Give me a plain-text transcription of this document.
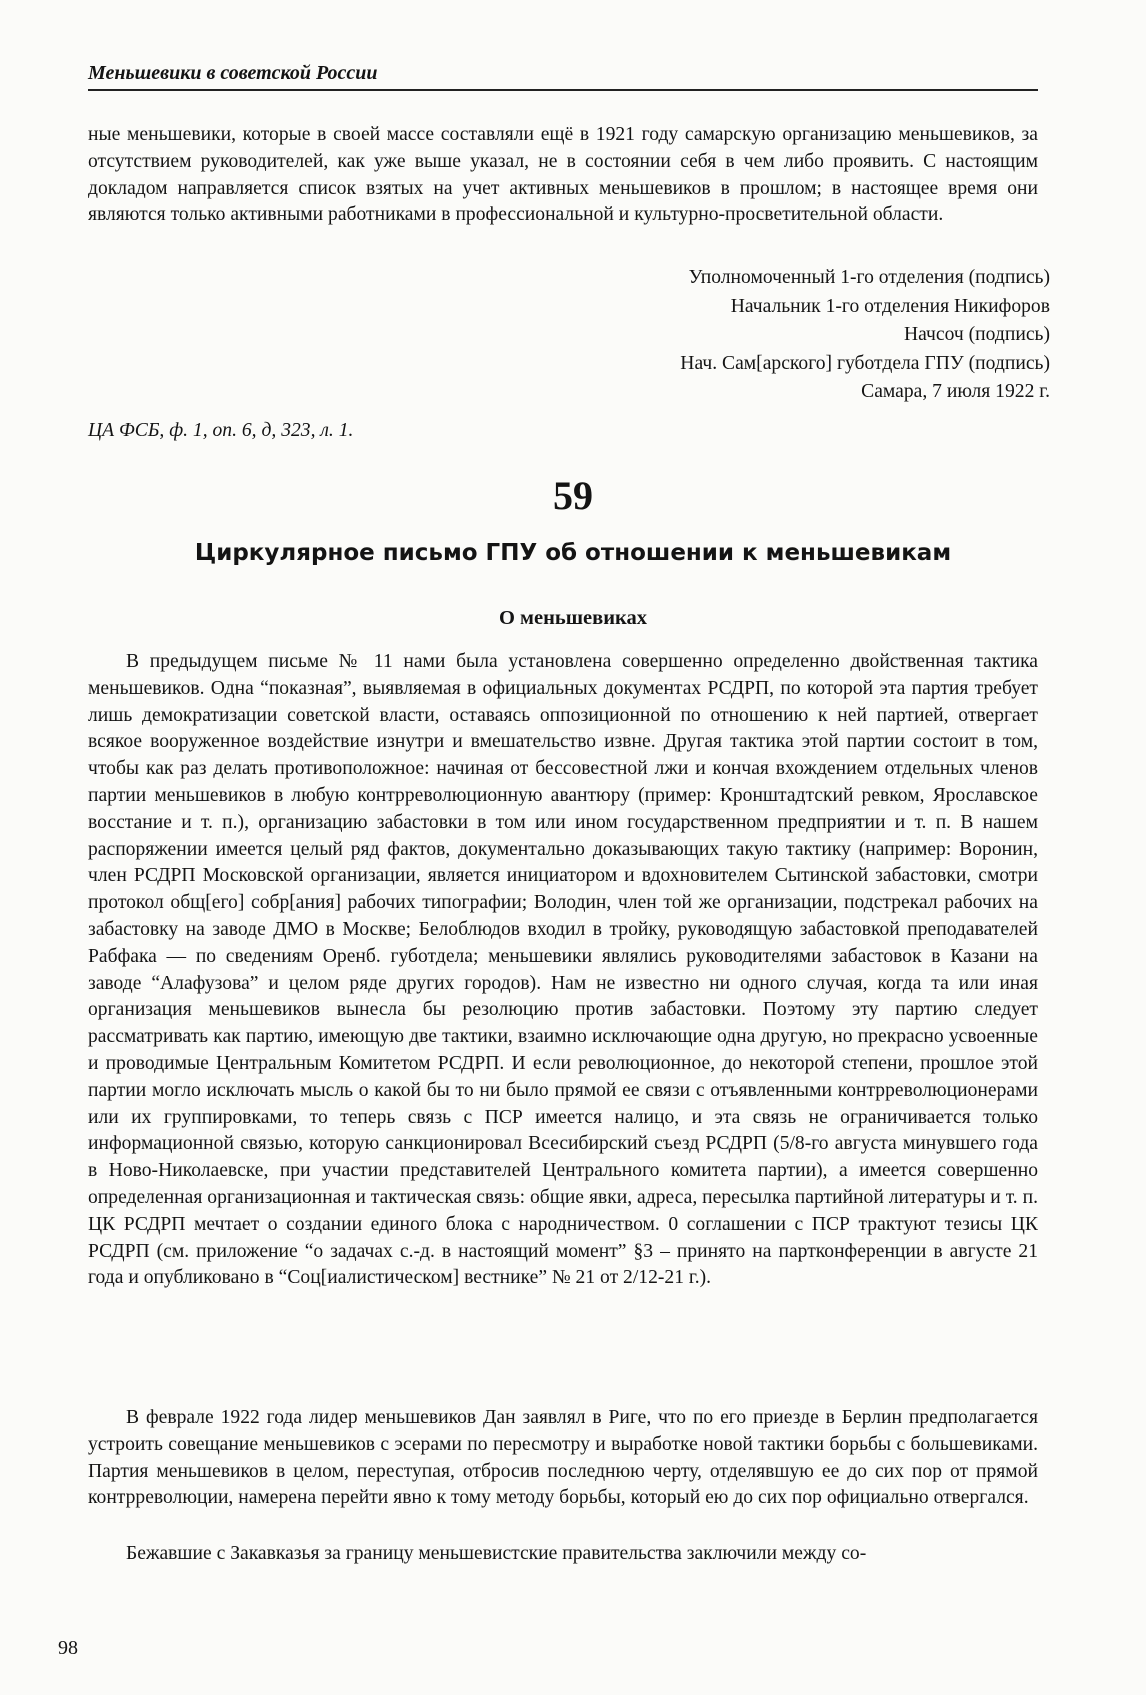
Меньшевики в советской России

ные меньшевики, которые в своей массе составляли ещё в 1921 году самарскую организацию меньшевиков, за отсутствием руководителей, как уже выше указал, не в состоянии себя в чем либо проявить. С настоящим докладом направляется список взятых на учет активных меньшевиков в прошлом; в настоящее время они являются только активными работниками в профессиональной и культурно-просветительной области.

Уполномоченный 1-го отделения (подпись)
Начальник 1-го отделения Никифоров
Начсоч (подпись)
Нач. Сам[арского] губотдела ГПУ (подпись)
Самара, 7 июля 1922 г.
ЦА ФСБ, ф. 1, оп. 6, д, 323, л. 1.
59
Циркулярное письмо ГПУ об отношении к меньшевикам
О меньшевиках

В предыдущем письме № 11 нами была установлена совершенно определенно двойственная тактика меньшевиков. Одна “показная”, выявляемая в официальных документах РСДРП, по которой эта партия требует лишь демократизации советской власти, оставаясь оппозиционной по отношению к ней партией, отвергает всякое вооруженное воздействие изнутри и вмешательство извне. Другая тактика этой партии состоит в том, чтобы как раз делать противоположное: начиная от бессовестной лжи и кончая вхождением отдельных членов партии меньшевиков в любую контрреволюционную авантюру (пример: Кронштадтский ревком, Ярославское восстание и т. п.), организацию забастовки в том или ином государственном предприятии и т. п. В нашем распоряжении имеется целый ряд фактов, документально доказывающих такую тактику (например: Воронин, член РСДРП Московской организации, является инициатором и вдохновителем Сытинской забастовки, смотри протокол общ[его] собр[ания] рабочих типографии; Володин, член той же организации, подстрекал рабочих на забастовку на заводе ДМО в Москве; Белоблюдов входил в тройку, руководящую забастовкой преподавателей Рабфака — по сведениям Оренб. губотдела; меньшевики являлись руководителями забастовок в Казани на заводе “Алафузова” и целом ряде других городов). Нам не известно ни одного случая, когда та или иная организация меньшевиков вынесла бы резолюцию против забастовки. Поэтому эту партию следует рассматривать как партию, имеющую две тактики, взаимно исключающие одна другую, но прекрасно усвоенные и проводимые Центральным Комитетом РСДРП. И если революционное, до некоторой степени, прошлое этой партии могло исключать мысль о какой бы то ни было прямой ее связи с отъявленными контрреволюционерами или их группировками, то теперь связь с ПСР имеется налицо, и эта связь не ограничивается только информационной связью, которую санкционировал Всесибирский съезд РСДРП (5/8-го августа минувшего года в Ново-Николаевске, при участии представителей Центрального комитета партии), а имеется совершенно определенная организационная и тактическая связь: общие явки, адреса, пересылка партийной литературы и т. п. ЦК РСДРП мечтает о создании единого блока с народничеством. 0 соглашении с ПСР трактуют тезисы ЦК РСДРП (см. приложение “о задачах с.-д. в настоящий момент” §3 – принято на партконференции в августе 21 года и опубликовано в “Соц[иалистическом] вестнике” № 21 от 2/12-21 г.).

В феврале 1922 года лидер меньшевиков Дан заявлял в Риге, что по его приезде в Берлин предполагается устроить совещание меньшевиков с эсерами по пересмотру и выработке новой тактики борьбы с большевиками. Партия меньшевиков в целом, переступая, отбросив последнюю черту, отделявшую ее до сих пор от прямой контрреволюции, намерена перейти явно к тому методу борьбы, который ею до сих пор официально отвергался.

Бежавшие с Закавказья за границу меньшевистские правительства заключили между со-

98
